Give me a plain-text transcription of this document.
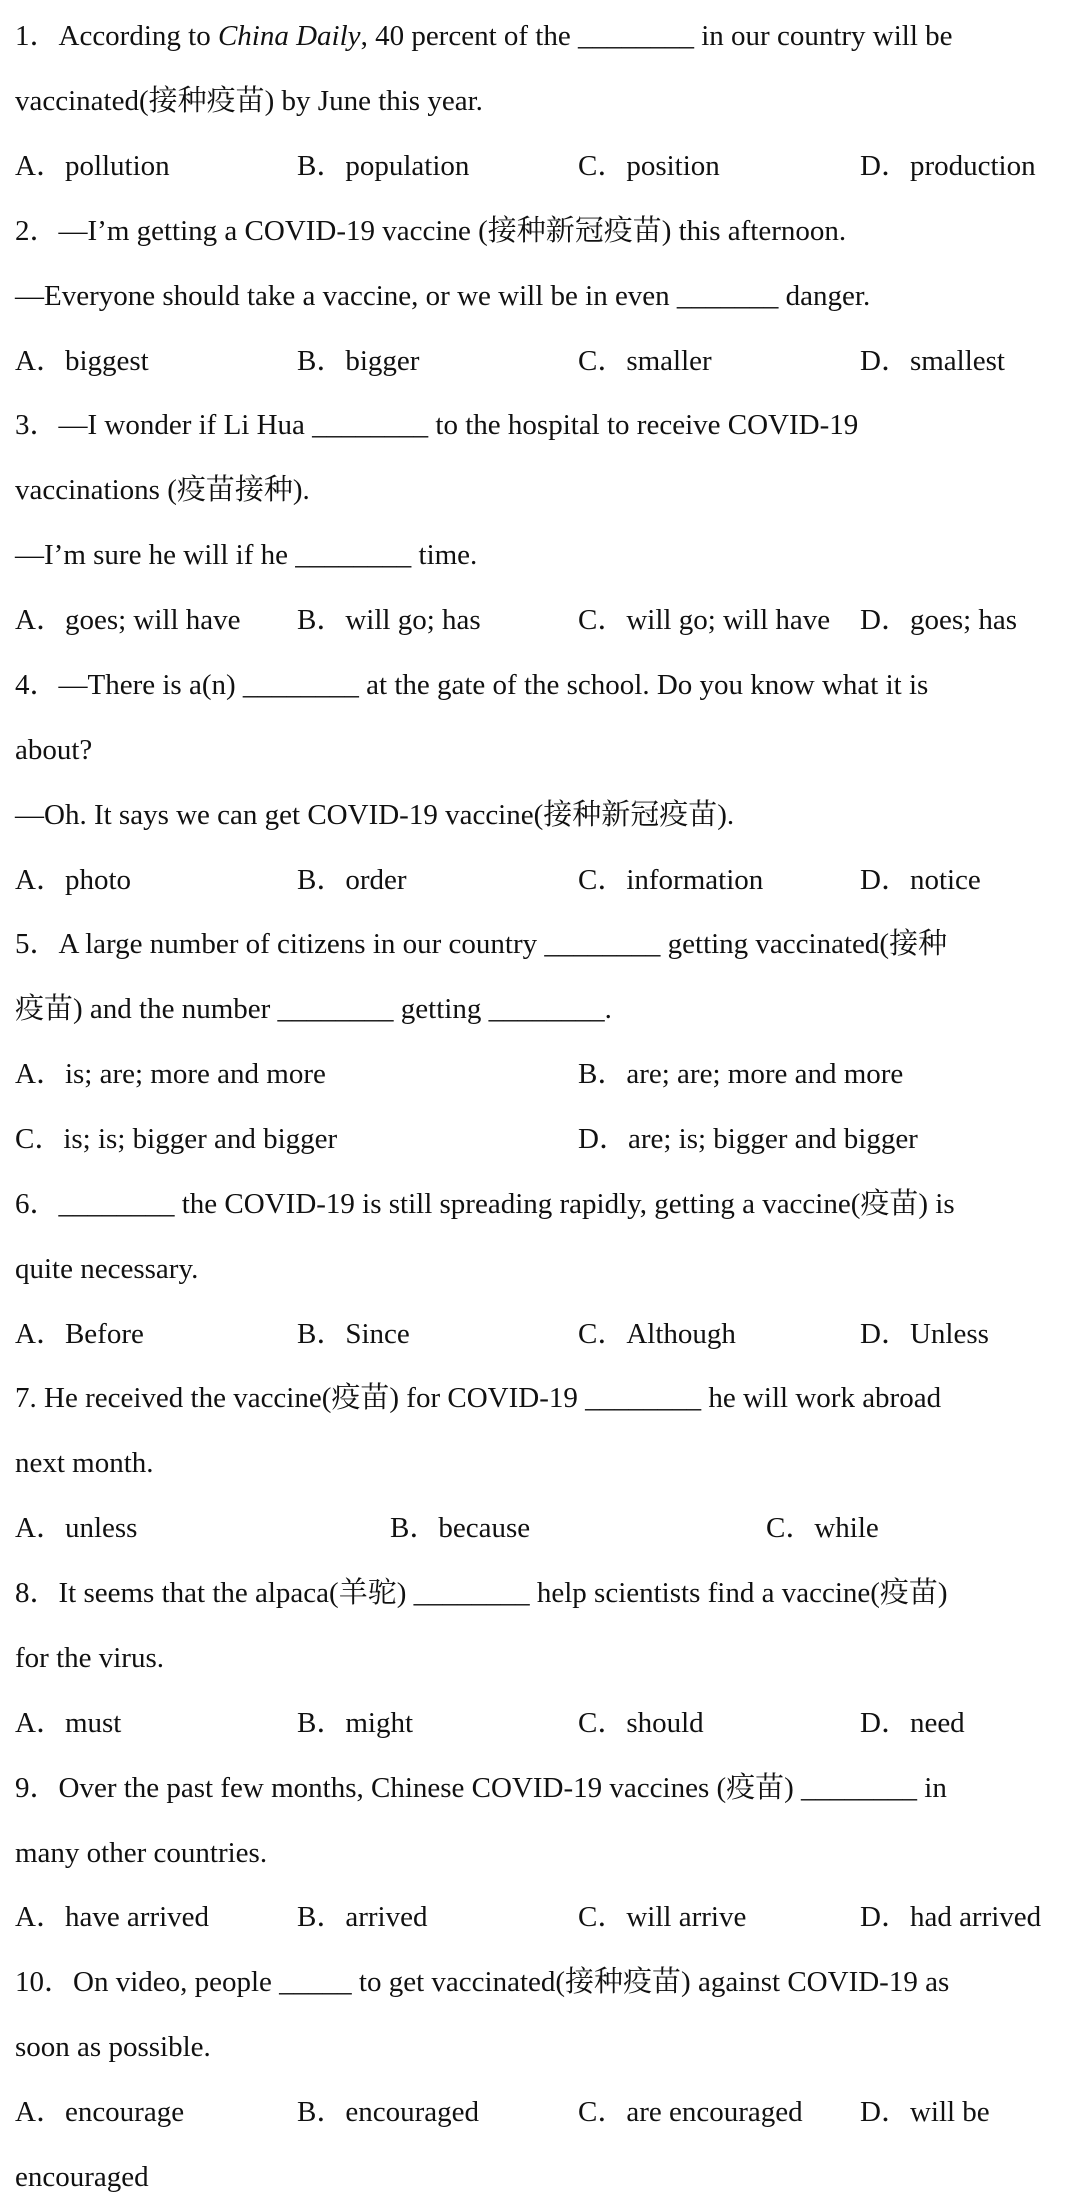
1．According to China Daily, 40 percent of the ________ in our country will be
vaccinated(接种疫苗) by June this year.
A．pollution	B．population	C．position	D．production
2．—I’m getting a COVID-19 vaccine (接种新冠疫苗) this afternoon.
—Everyone should take a vaccine, or we will be in even _______ danger.
A．biggest	B．bigger	C．smaller	D．smallest
3．—I wonder if Li Hua ________ to the hospital to receive COVID-19
vaccinations (疫苗接种).
—I’m sure he will if he ________ time.
A．goes; will have B．will go; has	C．will go; will have D．goes; has
4．—There is a(n) ________ at the gate of the school. Do you know what it is
about?
—Oh. It says we can get COVID-19 vaccine(接种新冠疫苗).
A．photo	B．order	C．information	D．notice
5．A large number of citizens in our country ________ getting vaccinated(接种
疫苗) and the number ________ getting ________.
A．is; are; more and more	B．are; are; more and more
C．is; is; bigger and bigger	D．are; is; bigger and bigger
6．________ the COVID-19 is still spreading rapidly, getting a vaccine(疫苗) is
quite necessary.
A．Before	B．Since	C．Although	D．Unless
7. He received the vaccine(疫苗) for COVID-19 ________ he will work abroad
next month.
A．unless	B．because	C．while
8．It seems that the alpaca(羊驼) ________ help scientists find a vaccine(疫苗)
for the virus.
A．must	B．might	C．should	D．need
9．Over the past few months, Chinese COVID-19 vaccines (疫苗) ________ in
many other countries.
A．have arrived	B．arrived	C．will arrive	D．had arrived
10．On video, people _____ to get vaccinated(接种疫苗) against COVID-19 as
soon as possible.
A．encourage	B．encouraged	C．are encouraged D．will be
encouraged
